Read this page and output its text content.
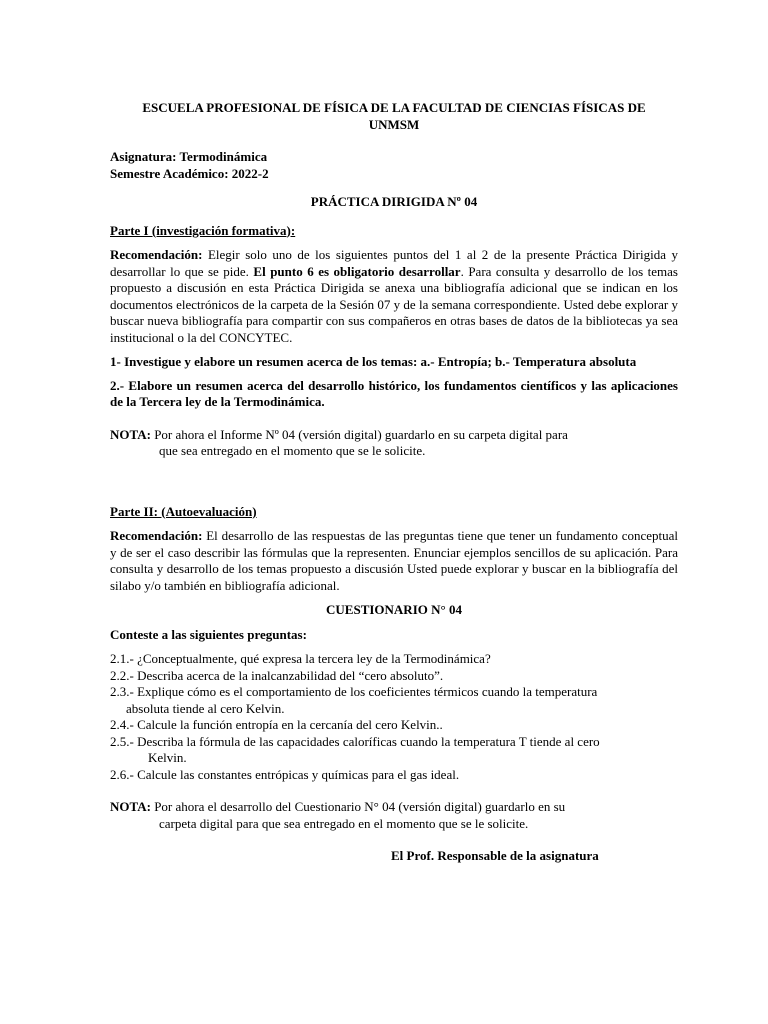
ESCUELA PROFESIONAL DE FÍSICA DE LA FACULTAD DE CIENCIAS FÍSICAS DE

UNMSM

Asignatura: Termodinámica

Semestre Académico: 2022-2

PRÁCTICA DIRIGIDA Nº 04

Parte I (investigación formativa):

Recomendación: Elegir solo uno de los siguientes puntos del 1 al 2 de la presente Práctica Dirigida y desarrollar lo que se pide. El punto 6 es obligatorio desarrollar. Para consulta y desarrollo de los temas propuesto a discusión en esta Práctica Dirigida se anexa una bibliografía adicional que se indican en los documentos electrónicos de la carpeta de la Sesión 07 y de la semana correspondiente. Usted debe explorar y buscar nueva bibliografía para compartir con sus compañeros en otras bases de datos de la bibliotecas ya sea institucional o la del CONCYTEC.

1- Investigue y elabore un resumen acerca de los temas: a.- Entropía; b.- Temperatura absoluta

2.- Elabore un resumen acerca del desarrollo histórico, los fundamentos científicos y las aplicaciones de la Tercera ley de la Termodinámica.

NOTA: Por ahora el Informe Nº 04 (versión digital) guardarlo en su carpeta digital para

que sea entregado en el momento que se le solicite.

Parte II: (Autoevaluación)

Recomendación: El desarrollo de las respuestas de las preguntas tiene que tener un fundamento conceptual y de ser el caso describir las fórmulas que la representen. Enunciar ejemplos sencillos de su aplicación. Para consulta y desarrollo de los temas propuesto a discusión Usted puede explorar y buscar en la bibliografía del silabo y/o también en bibliografía adicional.

CUESTIONARIO N° 04

Conteste a las siguientes preguntas:

2.1.- ¿Conceptualmente, qué expresa la tercera ley de la Termodinámica?

2.2.- Describa acerca de la inalcanzabilidad del “cero absoluto”.

2.3.- Explique cómo es el comportamiento de los coeficientes térmicos cuando la temperatura

absoluta tiende al cero Kelvin.

2.4.- Calcule la función entropía en la cercanía del cero Kelvin..

2.5.- Describa la fórmula de las capacidades caloríficas cuando la temperatura T tiende al cero

Kelvin.

2.6.- Calcule las constantes entrópicas y químicas para el gas ideal.

NOTA: Por ahora el desarrollo del Cuestionario N° 04 (versión digital) guardarlo en su

carpeta digital para que sea entregado en el momento que se le solicite.

El Prof. Responsable de la asignatura
